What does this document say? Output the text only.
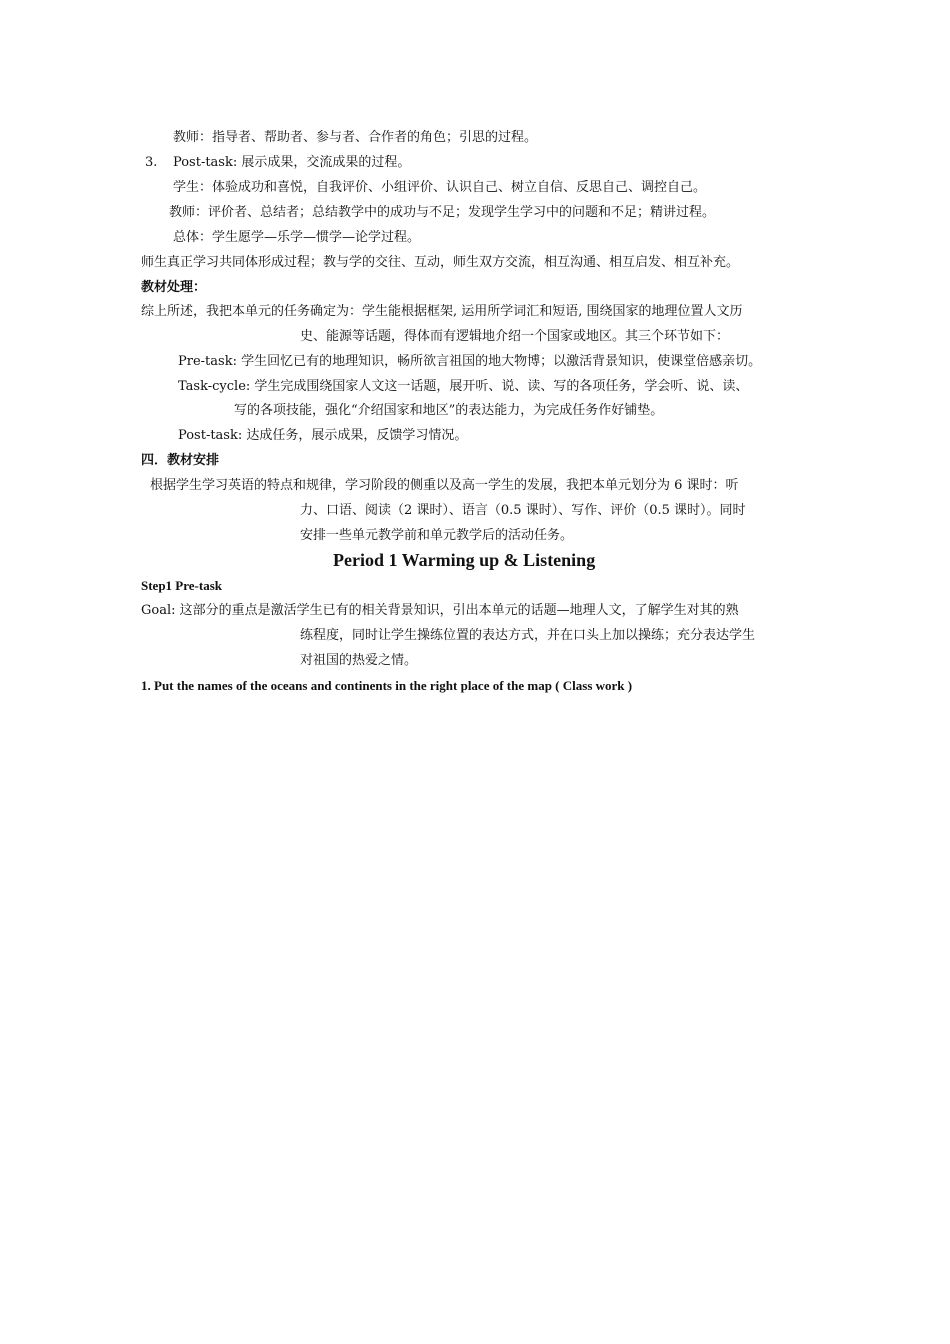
教师：指导者、帮助者、参与者、合作者的角色；引思的过程。
3. Post-task: 展示成果，交流成果的过程。
学生：体验成功和喜悦，自我评价、小组评价、认识自己、树立自信、反思自己、调控自己。
教师：评价者、总结者；总结教学中的成功与不足；发现学生学习中的问题和不足；精讲过程。
总体：学生愿学—乐学—惯学—论学过程。
师生真正学习共同体形成过程；教与学的交往、互动，师生双方交流，相互沟通、相互启发、相互补充。
教材处理：
综上所述，我把本单元的任务确定为：学生能根据框架, 运用所学词汇和短语, 围绕国家的地理位置人文历
史、能源等话题，得体而有逻辑地介绍一个国家或地区。其三个环节如下：
Pre-task: 学生回忆已有的地理知识，畅所欲言祖国的地大物博；以激活背景知识，使课堂倍感亲切。
Task-cycle: 学生完成围绕国家人文这一话题，展开听、说、读、写的各项任务，学会听、说、读、
写的各项技能，强化“介绍国家和地区”的表达能力，为完成任务作好铺垫。
Post-task: 达成任务，展示成果，反馈学习情况。
四．教材安排
根据学生学习英语的特点和规律，学习阶段的侧重以及高一学生的发展，我把本单元划分为 6 课时：听
力、口语、阅读（2 课时）、语言（0.5 课时）、写作、评价（0.5 课时）。同时
安排一些单元教学前和单元教学后的活动任务。
Period 1 Warming up & Listening
Step1 Pre-task
Goal: 这部分的重点是激活学生已有的相关背景知识，引出本单元的话题—地理人文，了解学生对其的熟
练程度，同时让学生操练位置的表达方式，并在口头上加以操练；充分表达学生
对祖国的热爱之情。
1. Put the names of the oceans and continents in the right place of the map ( Class work )
